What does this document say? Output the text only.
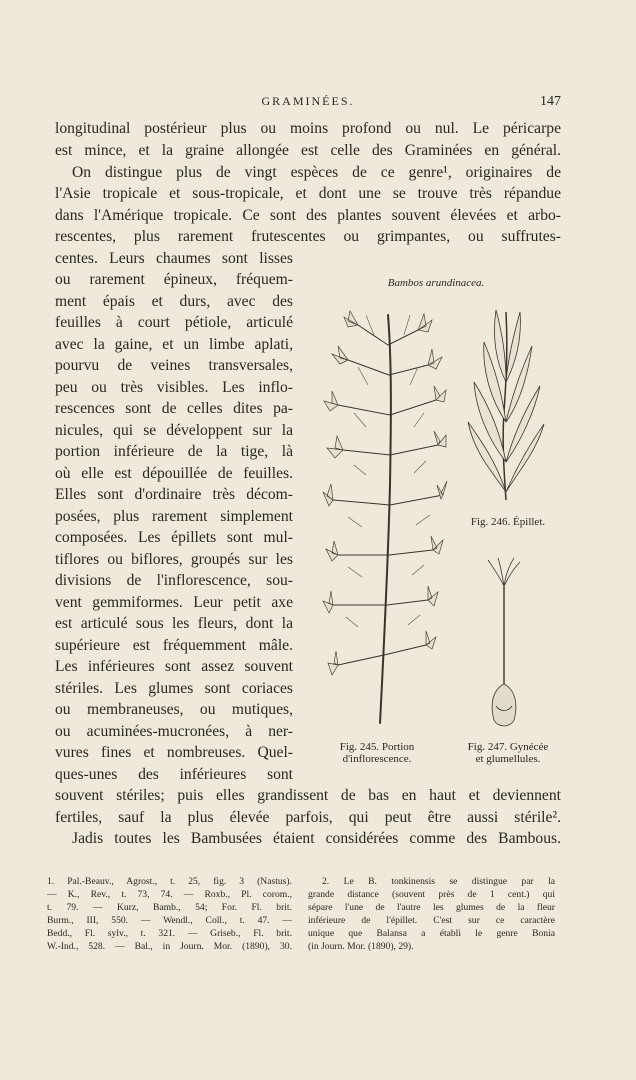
GRAMINÉES.	147
longitudinal postérieur plus ou moins profond ou nul. Le péricarpe
est mince, et la graine allongée est celle des Graminées en général.
On distingue plus de vingt espèces de ce genre¹, originaires de
l'Asie tropicale et sous-tropicale, et dont une se trouve très répandue
dans l'Amérique tropicale. Ce sont des plantes souvent élevées et arbo-
rescentes, plus rarement frutescentes ou grimpantes, ou suffrutes-
centes. Leurs chaumes sont lisses
ou rarement épineux, fréquem-
ment épais et durs, avec des
feuilles à court pétiole, articulé
avec la gaine, et un limbe aplati,
pourvu de veines transversales,
peu ou très visibles. Les inflo-
rescences sont de celles dites pa-
nicules, qui se développent sur la
portion inférieure de la tige, là
où elle est dépouillée de feuilles.
Elles sont d'ordinaire très décom-
posées, plus rarement simplement
composées. Les épillets sont mul-
tiflores ou biflores, groupés sur les
divisions de l'inflorescence, sou-
vent gemmiformes. Leur petit axe
est articulé sous les fleurs, dont la
supérieure est fréquemment mâle.
Les inférieures sont assez souvent
stériles. Les glumes sont coriaces
ou membraneuses, ou mutiques,
ou acuminées-mucronées, à ner-
vures fines et nombreuses. Quel-
ques-unes des inférieures sont
souvent stériles; puis elles grandissent de bas en haut et deviennent
fertiles, sauf la plus élevée parfois, qui peut être aussi stérile².
Jadis toutes les Bambusées étaient considérées comme des Bambous.
Bambos arundinacea.
Fig. 245. Portion
d'inflorescence.
Fig. 246. Épillet.
Fig. 247. Gynécée
et glumellules.
1. Pal.-Beauv., Agrost., t. 25, fig. 3 (Nastus).
— K., Rev., t. 73, 74. — Roxb., Pl. corom.,
t. 79. — Kurz, Bamb., 54; For. Fl. brit.
Burm., III, 550. — Wendl., Coll., t. 47. —
Bedd., Fl. sylv., t. 321. — Griseb., Fl. brit.
W.-Ind., 528. — Bal., in Journ. Mor. (1890), 30.
2. Le B. tonkinensis se distingue par la
grande distance (souvent près de 1 cent.) qui
sépare l'une de l'autre les glumes de la fleur
inférieure de l'épillet. C'est sur ce caractère
unique que Balansa a établi le genre Bonia
(in Journ. Mor. (1890), 29).
